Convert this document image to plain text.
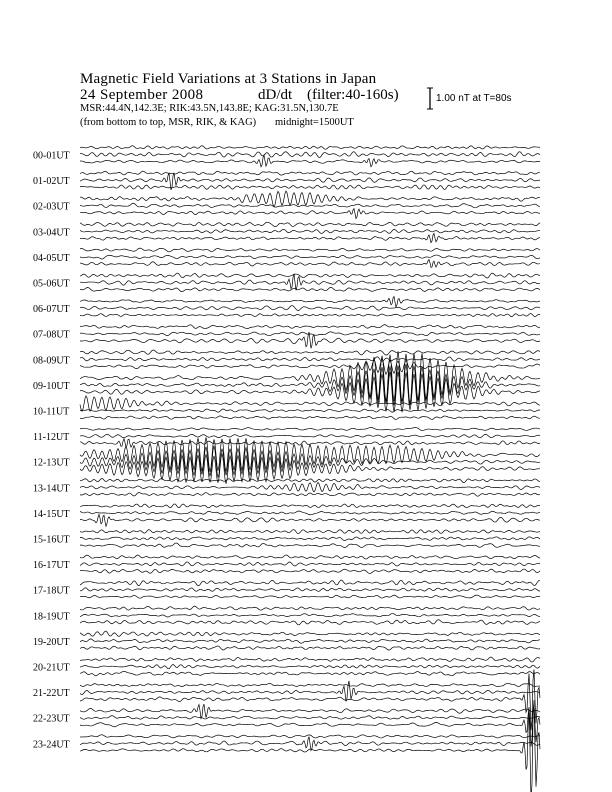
Magnetic Field Variations at 3 Stations in Japan
24 September 2008	dD/dt (filter:40-160s)
MSR:44.4N,142.3E; RIK:43.5N,143.8E; KAG:31.5N,130.7E
(from bottom to top, MSR, RIK, & KAG) midnight=1500UT
1.00 nT at T=80s
00-01UT
01-02UT
02-03UT
03-04UT
04-05UT
05-06UT
06-07UT
07-08UT
08-09UT
09-10UT
10-11UT
11-12UT
12-13UT
13-14UT
14-15UT
15-16UT
16-17UT
17-18UT
18-19UT
19-20UT
20-21UT
21-22UT
22-23UT
23-24UT
